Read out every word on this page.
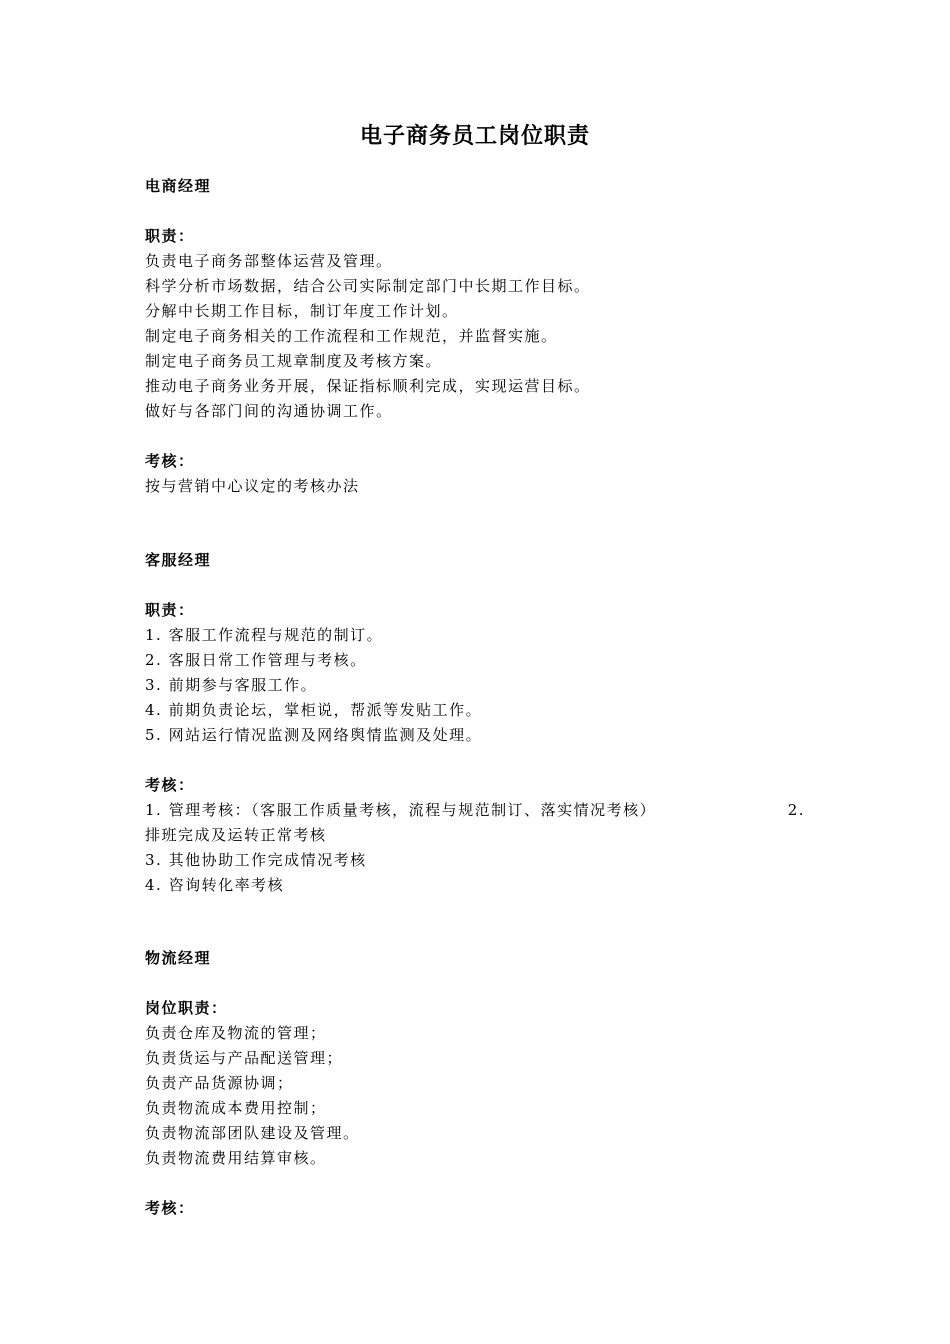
电子商务员工岗位职责
电商经理
职责：
负责电子商务部整体运营及管理。
科学分析市场数据，结合公司实际制定部门中长期工作目标。
分解中长期工作目标，制订年度工作计划。
制定电子商务相关的工作流程和工作规范，并监督实施。
制定电子商务员工规章制度及考核方案。
推动电子商务业务开展，保证指标顺利完成，实现运营目标。
做好与各部门间的沟通协调工作。
考核：
按与营销中心议定的考核办法
客服经理
职责：
1. 客服工作流程与规范的制订。
2. 客服日常工作管理与考核。
3. 前期参与客服工作。
4. 前期负责论坛，掌柜说，帮派等发贴工作。
5. 网站运行情况监测及网络舆情监测及处理。
考核：
1. 管理考核：（客服工作质量考核，流程与规范制订、落实情况考核）	2.
排班完成及运转正常考核
3. 其他协助工作完成情况考核
4. 咨询转化率考核
物流经理
岗位职责：
负责仓库及物流的管理；
负责货运与产品配送管理；
负责产品货源协调；
负责物流成本费用控制；
负责物流部团队建设及管理。
负责物流费用结算审核。
考核：
